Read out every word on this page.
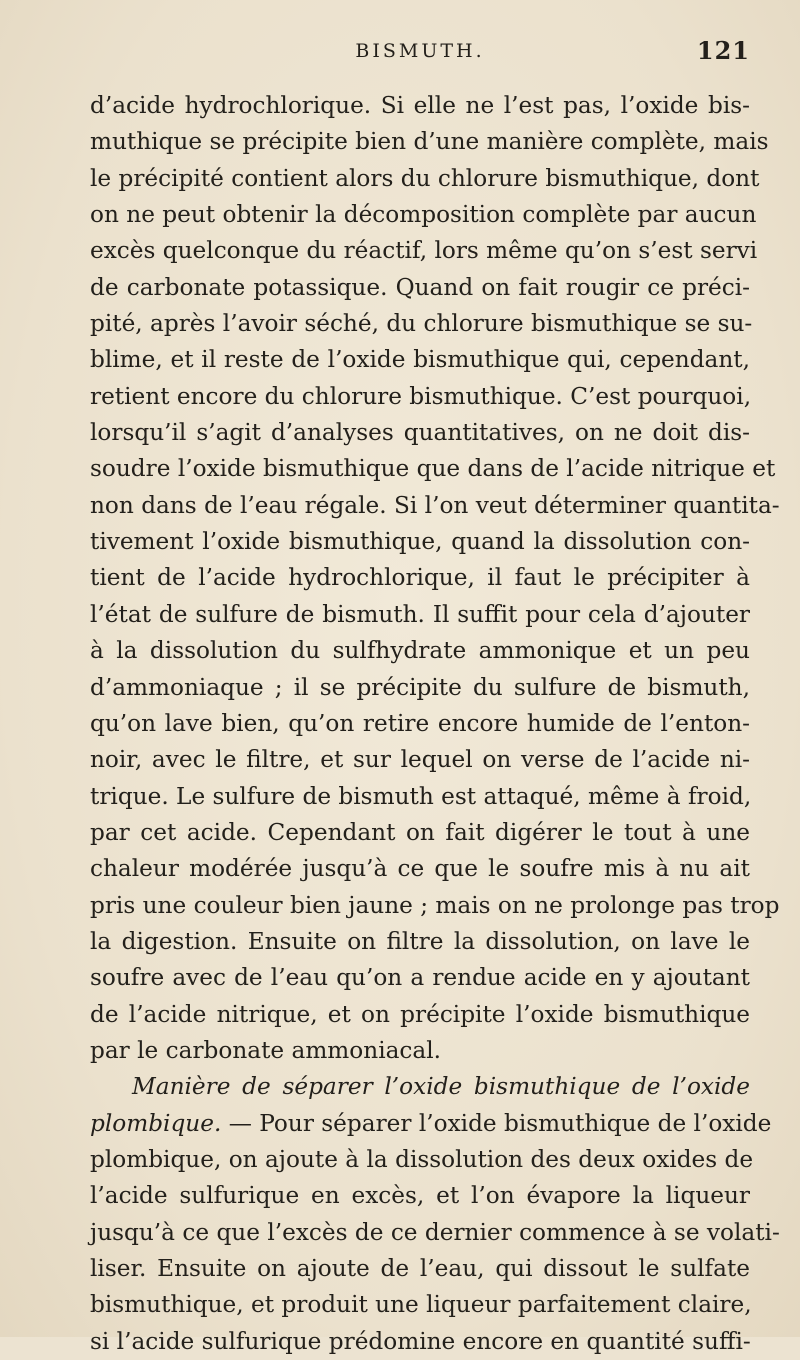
BISMUTH.	121
d’acide hydrochlorique. Si elle ne l’est pas, l’oxide bis-
muthique se précipite bien d’une manière complète, mais
le précipité contient alors du chlorure bismuthique, dont
on ne peut obtenir la décomposition complète par aucun
excès quelconque du réactif, lors même qu’on s’est servi
de carbonate potassique. Quand on fait rougir ce préci-
pité, après l’avoir séché, du chlorure bismuthique se su-
blime, et il reste de l’oxide bismuthique qui, cependant,
retient encore du chlorure bismuthique. C’est pourquoi,
lorsqu’il s’agit d’analyses quantitatives, on ne doit dis-
soudre l’oxide bismuthique que dans de l’acide nitrique et
non dans de l’eau régale. Si l’on veut déterminer quantita-
tivement l’oxide bismuthique, quand la dissolution con-
tient de l’acide hydrochlorique, il faut le précipiter à
l’état de sulfure de bismuth. Il suffit pour cela d’ajouter
à la dissolution du sulfhydrate ammonique et un peu
d’ammoniaque ; il se précipite du sulfure de bismuth,
qu’on lave bien, qu’on retire encore humide de l’enton-
noir, avec le filtre, et sur lequel on verse de l’acide ni-
trique. Le sulfure de bismuth est attaqué, même à froid,
par cet acide. Cependant on fait digérer le tout à une
chaleur modérée jusqu’à ce que le soufre mis à nu ait
pris une couleur bien jaune ; mais on ne prolonge pas trop
la digestion. Ensuite on filtre la dissolution, on lave le
soufre avec de l’eau qu’on a rendue acide en y ajoutant
de l’acide nitrique, et on précipite l’oxide bismuthique
par le carbonate ammoniacal.
Manière de séparer l’oxide bismuthique de l’oxide
plombique. — Pour séparer l’oxide bismuthique de l’oxide
plombique, on ajoute à la dissolution des deux oxides de
l’acide sulfurique en excès, et l’on évapore la liqueur
jusqu’à ce que l’excès de ce dernier commence à se volati-
liser. Ensuite on ajoute de l’eau, qui dissout le sulfate
bismuthique, et produit une liqueur parfaitement claire,
si l’acide sulfurique prédomine encore en quantité suffi-
